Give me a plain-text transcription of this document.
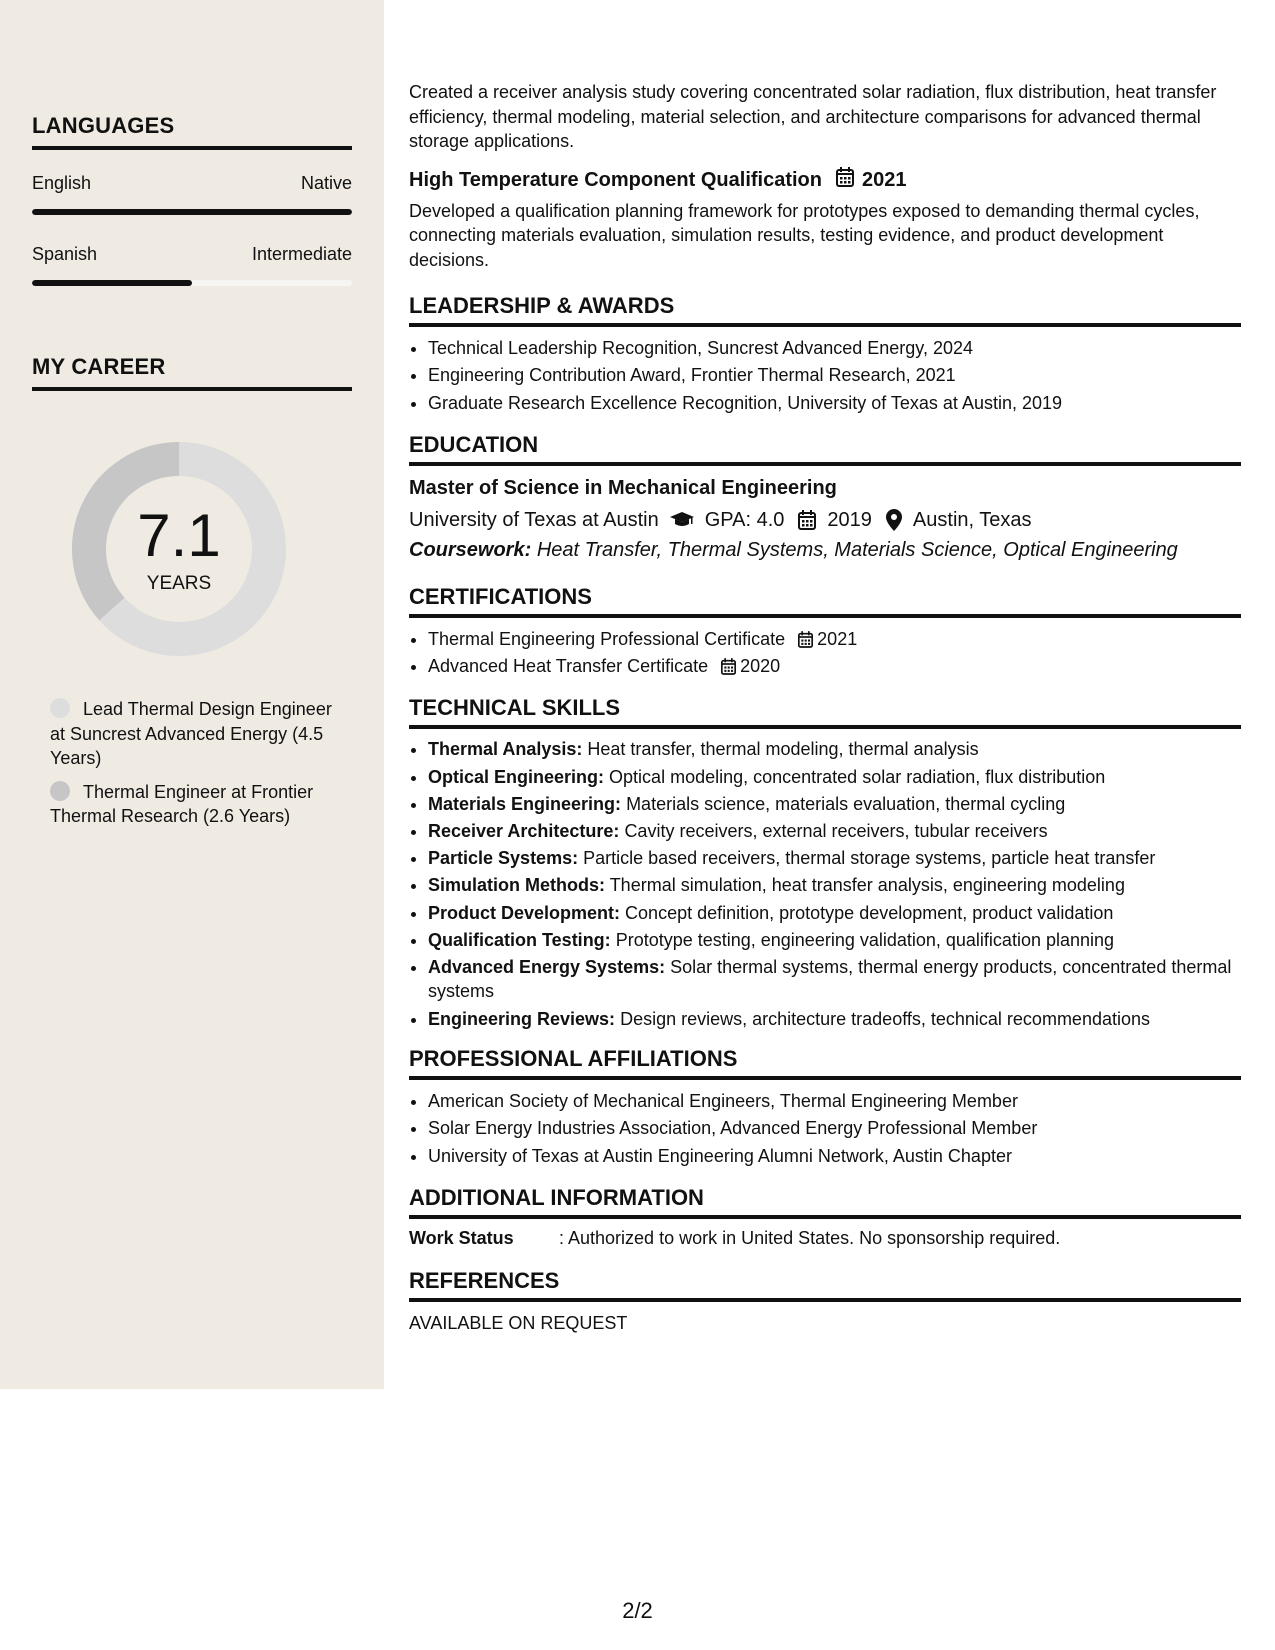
LANGUAGES
English	Native
Spanish	Intermediate
MY CAREER
7.1
YEARS
Lead Thermal Design Engineer at Suncrest Advanced Energy (4.5 Years)
Thermal Engineer at Frontier Thermal Research (2.6 Years)

Created a receiver analysis study covering concentrated solar radiation, flux distribution, heat transfer efficiency, thermal modeling, material selection, and architecture comparisons for advanced thermal storage applications.

High Temperature Component Qualification 2021

Developed a qualification planning framework for prototypes exposed to demanding thermal cycles, connecting materials evaluation, simulation results, testing evidence, and product development decisions.

LEADERSHIP & AWARDS
• Technical Leadership Recognition, Suncrest Advanced Energy, 2024
• Engineering Contribution Award, Frontier Thermal Research, 2021
• Graduate Research Excellence Recognition, University of Texas at Austin, 2019
EDUCATION
Master of Science in Mechanical Engineering
University of Texas at Austin GPA: 4.0 2019 Austin, Texas
Coursework: Heat Transfer, Thermal Systems, Materials Science, Optical Engineering
CERTIFICATIONS
• Thermal Engineering Professional Certificate 2021
• Advanced Heat Transfer Certificate 2020
TECHNICAL SKILLS
• Thermal Analysis: Heat transfer, thermal modeling, thermal analysis
• Optical Engineering: Optical modeling, concentrated solar radiation, flux distribution
• Materials Engineering: Materials science, materials evaluation, thermal cycling
• Receiver Architecture: Cavity receivers, external receivers, tubular receivers
• Particle Systems: Particle based receivers, thermal storage systems, particle heat transfer
• Simulation Methods: Thermal simulation, heat transfer analysis, engineering modeling
• Product Development: Concept definition, prototype development, product validation
• Qualification Testing: Prototype testing, engineering validation, qualification planning
• Advanced Energy Systems: Solar thermal systems, thermal energy products, concentrated thermal systems
• Engineering Reviews: Design reviews, architecture tradeoffs, technical recommendations
PROFESSIONAL AFFILIATIONS
• American Society of Mechanical Engineers, Thermal Engineering Member
• Solar Energy Industries Association, Advanced Energy Professional Member
• University of Texas at Austin Engineering Alumni Network, Austin Chapter
ADDITIONAL INFORMATION
Work Status	: Authorized to work in United States. No sponsorship required.
REFERENCES
AVAILABLE ON REQUEST
2/2
